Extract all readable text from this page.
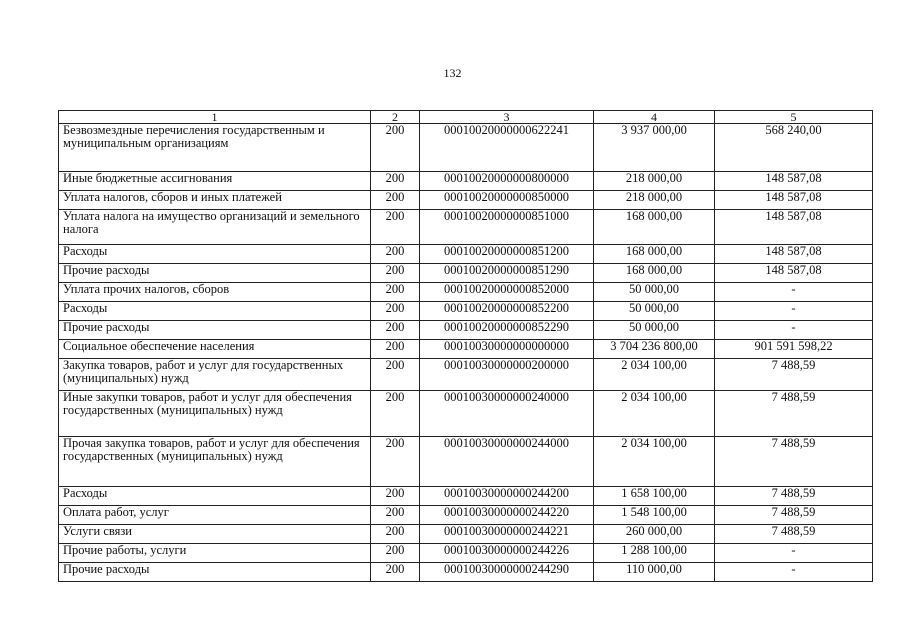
132
1	2	3	4	5
Безвозмездные перечисления государственным и муниципальным организациям	200	00010020000000622241	3 937 000,00	568 240,00
Иные бюджетные ассигнования	200	00010020000000800000	218 000,00	148 587,08
Уплата налогов, сборов и иных платежей	200	00010020000000850000	218 000,00	148 587,08
Уплата налога на имущество организаций и земельного налога	200	00010020000000851000	168 000,00	148 587,08
Расходы	200	00010020000000851200	168 000,00	148 587,08
Прочие расходы	200	00010020000000851290	168 000,00	148 587,08
Уплата прочих налогов, сборов	200	00010020000000852000	50 000,00	-
Расходы	200	00010020000000852200	50 000,00	-
Прочие расходы	200	00010020000000852290	50 000,00	-
Социальное обеспечение населения	200	00010030000000000000	3 704 236 800,00	901 591 598,22
Закупка товаров, работ и услуг для государственных (муниципальных) нужд	200	00010030000000200000	2 034 100,00	7 488,59
Иные закупки товаров, работ и услуг для обеспечения государственных (муниципальных) нужд	200	00010030000000240000	2 034 100,00	7 488,59
Прочая закупка товаров, работ и услуг для обеспечения государственных (муниципальных) нужд	200	00010030000000244000	2 034 100,00	7 488,59
Расходы	200	00010030000000244200	1 658 100,00	7 488,59
Оплата работ, услуг	200	00010030000000244220	1 548 100,00	7 488,59
Услуги связи	200	00010030000000244221	260 000,00	7 488,59
Прочие работы, услуги	200	00010030000000244226	1 288 100,00	-
Прочие расходы	200	00010030000000244290	110 000,00	-
